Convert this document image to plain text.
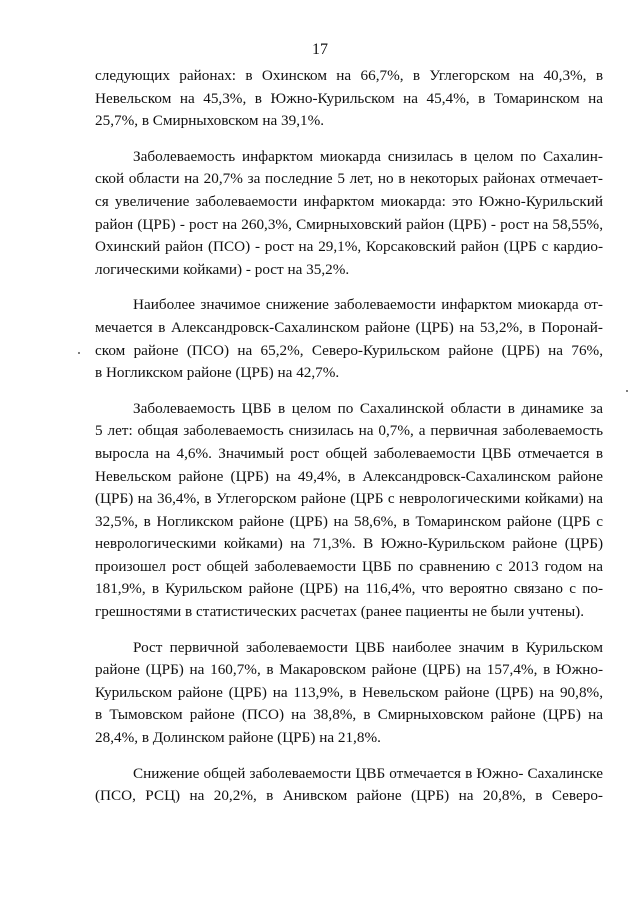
17
следующих районах: в Охинском на 66,7%, в Углегорском на 40,3%, в
Невельском на 45,3%, в Южно-Курильском на 45,4%, в Томаринском на
25,7%, в Смирныховском на 39,1%.
Заболеваемость инфарктом миокарда снизилась в целом по Сахалин-
ской области на 20,7% за последние 5 лет, но в некоторых районах отмечает-
ся увеличение заболеваемости инфарктом миокарда: это Южно-Курильский
район (ЦРБ) - рост на 260,3%, Смирныховский район (ЦРБ) - рост на 58,55%,
Охинский район (ПСО) - рост на 29,1%, Корсаковский район (ЦРБ с кардио-
логическими койками) - рост на 35,2%.
Наиболее значимое снижение заболеваемости инфарктом миокарда от-
мечается в Александровск-Сахалинском районе (ЦРБ) на 53,2%, в Поронай-
ском районе (ПСО) на 65,2%, Северо-Курильском районе (ЦРБ) на 76%,
в Ногликском районе (ЦРБ) на 42,7%.
Заболеваемость ЦВБ в целом по Сахалинской области в динамике за
5 лет: общая заболеваемость снизилась на 0,7%, а первичная заболеваемость
выросла на 4,6%. Значимый рост общей заболеваемости ЦВБ отмечается в
Невельском районе (ЦРБ) на 49,4%, в Александровск-Сахалинском районе
(ЦРБ) на 36,4%, в Углегорском районе (ЦРБ с неврологическими койками) на
32,5%, в Ногликском районе (ЦРБ) на 58,6%, в Томаринском районе (ЦРБ с
неврологическими койками) на 71,3%. В Южно-Курильском районе (ЦРБ)
произошел рост общей заболеваемости ЦВБ по сравнению с 2013 годом на
181,9%, в Курильском районе (ЦРБ) на 116,4%, что вероятно связано с по-
грешностями в статистических расчетах (ранее пациенты не были учтены).
Рост первичной заболеваемости ЦВБ наиболее значим в Курильском
районе (ЦРБ) на 160,7%, в Макаровском районе (ЦРБ) на 157,4%, в Южно-
Курильском районе (ЦРБ) на 113,9%, в Невельском районе (ЦРБ) на 90,8%,
в Тымовском районе (ПСО) на 38,8%, в Смирныховском районе (ЦРБ) на
28,4%, в Долинском районе (ЦРБ) на 21,8%.
Снижение общей заболеваемости ЦВБ отмечается в Южно- Сахалинске
(ПСО, РСЦ) на 20,2%, в Анивском районе (ЦРБ) на 20,8%, в Северо-
